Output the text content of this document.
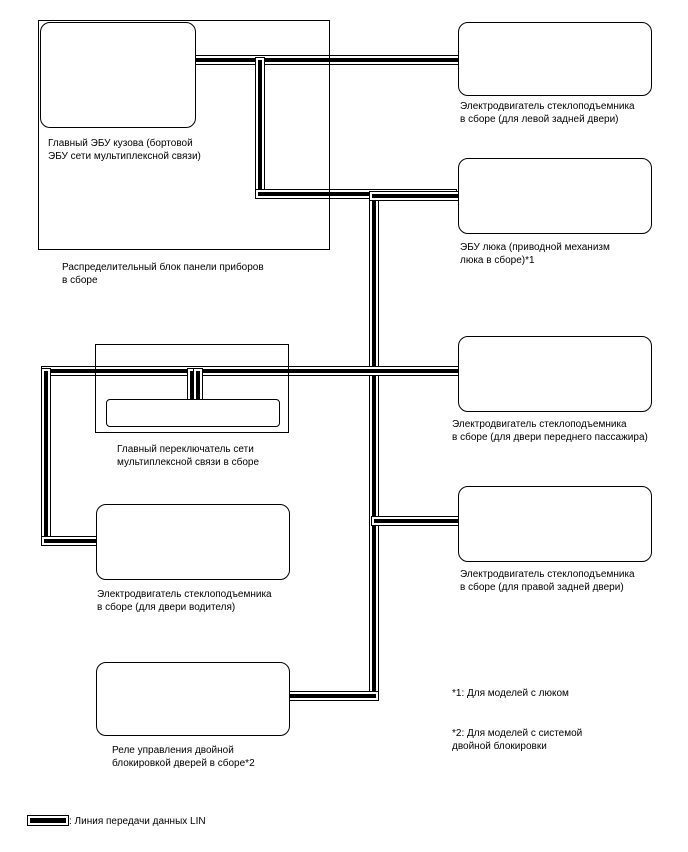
Главный ЭБУ кузова (бортовой
ЭБУ сети мультиплексной связи)
Распределительный блок панели приборов
в сборе
Электродвигатель стеклоподъемника
в сборе (для левой задней двери)
ЭБУ люка (приводной механизм
люка в сборе)*1
Электродвигатель стеклоподъемника
в сборе (для двери переднего пассажира)
Главный переключатель сети
мультиплексной связи в сборе
Электродвигатель стеклоподъемника
в сборе (для правой задней двери)
Электродвигатель стеклоподъемника
в сборе (для двери водителя)
Реле управления двойной
блокировкой дверей в сборе*2
*1: Для моделей с люком
*2: Для моделей с системой
двойной блокировки
: Линия передачи данных LIN
